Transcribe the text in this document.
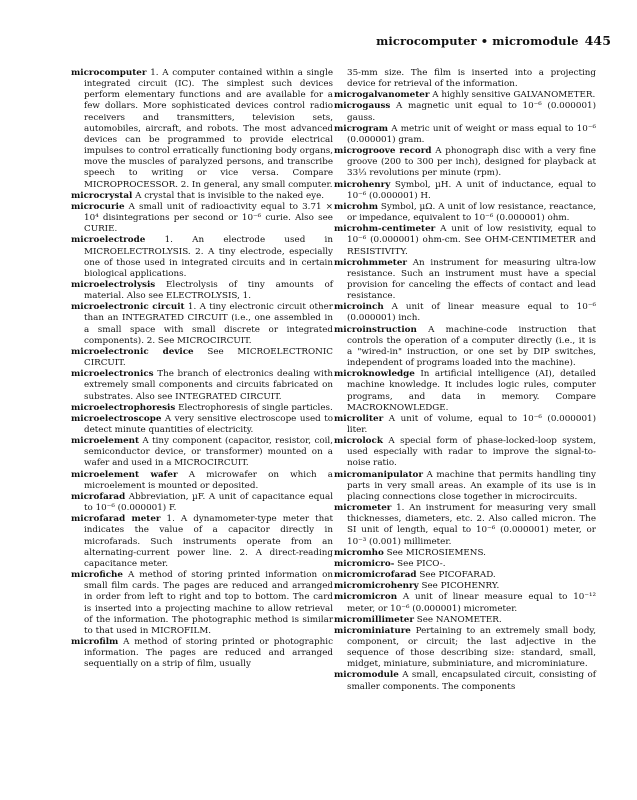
microcomputer • micromodule 445

microcomputer 1. A computer contained within a single integrated circuit (IC). The simplest such devices perform elementary functions and are available for a few dollars. More sophisticated devices control radio receivers and transmitters, television sets, automobiles, aircraft, and robots. The most advanced devices can be programmed to provide electrical impulses to control erratically functioning body organs, move the muscles of paralyzed persons, and transcribe speech to writing or vice versa. Compare MICROPROCESSOR. 2. In general, any small computer.

microcrystal A crystal that is invisible to the naked eye.

microcurie A small unit of radioactivity equal to 3.71 × 10⁴ disintegrations per second or 10⁻⁶ curie. Also see CURIE.

microelectrode 1. An electrode used in MICROELECTROLYSIS. 2. A tiny electrode, especially one of those used in integrated circuits and in certain biological applications.

microelectrolysis Electrolysis of tiny amounts of material. Also see ELECTROLYSIS, 1.

microelectronic circuit 1. A tiny electronic circuit other than an INTEGRATED CIRCUIT (i.e., one assembled in a small space with small discrete or integrated components). 2. See MICROCIRCUIT.

microelectronic device See MICROELECTRONIC CIRCUIT.

microelectronics The branch of electronics dealing with extremely small components and circuits fabricated on substrates. Also see INTEGRATED CIRCUIT.

microelectrophoresis Electrophoresis of single particles.

microelectroscope A very sensitive electroscope used to detect minute quantities of electricity.

microelement A tiny component (capacitor, resistor, coil, semiconductor device, or transformer) mounted on a wafer and used in a MICROCIRCUIT.

microelement wafer A microwafer on which a microelement is mounted or deposited.

microfarad Abbreviation, µF. A unit of capacitance equal to 10⁻⁶ (0.000001) F.

microfarad meter 1. A dynamometer-type meter that indicates the value of a capacitor directly in microfarads. Such instruments operate from an alternating-current power line. 2. A direct-reading capacitance meter.

microfiche A method of storing printed information on small film cards. The pages are reduced and arranged in order from left to right and top to bottom. The card is inserted into a projecting machine to allow retrieval of the information. The photographic method is similar to that used in MICROFILM.

microfilm A method of storing printed or photographic information. The pages are reduced and arranged sequentially on a strip of film, usually

35-mm size. The film is inserted into a projecting device for retrieval of the information.

microgalvanometer A highly sensitive GALVANOMETER.

microgauss A magnetic unit equal to 10⁻⁶ (0.000001) gauss.

microgram A metric unit of weight or mass equal to 10⁻⁶ (0.000001) gram.

microgroove record A phonograph disc with a very fine groove (200 to 300 per inch), designed for playback at 33⅓ revolutions per minute (rpm).

microhenry Symbol, µH. A unit of inductance, equal to 10⁻⁶ (0.000001) H.

microhm Symbol, µΩ. A unit of low resistance, reactance, or impedance, equivalent to 10⁻⁶ (0.000001) ohm.

microhm-centimeter A unit of low resistivity, equal to 10⁻⁶ (0.000001) ohm-cm. See OHM-CENTIMETER and RESISTIVITY.

microhmmeter An instrument for measuring ultra-low resistance. Such an instrument must have a special provision for canceling the effects of contact and lead resistance.

microinch A unit of linear measure equal to 10⁻⁶ (0.000001) inch.

microinstruction A machine-code instruction that controls the operation of a computer directly (i.e., it is a "wired-in" instruction, or one set by DIP switches, independent of programs loaded into the machine).

microknowledge In artificial intelligence (AI), detailed machine knowledge. It includes logic rules, computer programs, and data in memory. Compare MACROKNOWLEDGE.

microliter A unit of volume, equal to 10⁻⁶ (0.000001) liter.

microlock A special form of phase-locked-loop system, used especially with radar to improve the signal-to-noise ratio.

micromanipulator A machine that permits handling tiny parts in very small areas. An example of its use is in placing connections close together in microcircuits.

micrometer 1. An instrument for measuring very small thicknesses, diameters, etc. 2. Also called micron. The SI unit of length, equal to 10⁻⁶ (0.000001) meter, or 10⁻³ (0.001) millimeter.

micromho See MICROSIEMENS.

micromicro- See PICO-.

micromicrofarad See PICOFARAD.

micromicrohenry See PICOHENRY.

micromicron A unit of linear measure equal to 10⁻¹² meter, or 10⁻⁶ (0.000001) micrometer.

micromillimeter See NANOMETER.

microminiature Pertaining to an extremely small body, component, or circuit; the last adjective in the sequence of those describing size: standard, small, midget, miniature, subminiature, and microminiature.

micromodule A small, encapsulated circuit, consisting of smaller components. The components
